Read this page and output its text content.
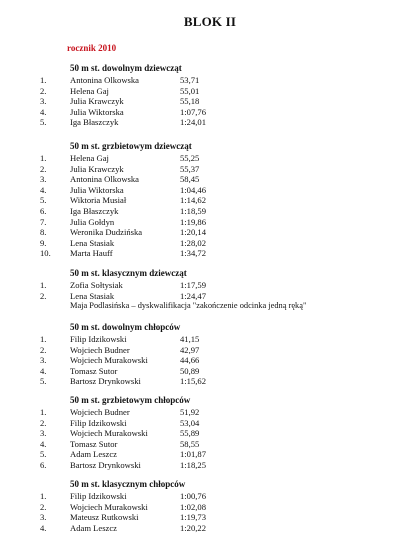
BLOK II
rocznik 2010
50 m st. dowolnym dziewcząt
1.	Antonina Olkowska	53,71
2.	Helena Gaj	55,01
3.	Julia Krawczyk	55,18
4.	Julia Wiktorska	1:07,76
5.	Iga Błaszczyk	1:24,01
50 m st. grzbietowym dziewcząt
1.	Helena Gaj	55,25
2.	Julia Krawczyk	55,37
3.	Antonina Olkowska	58,45
4.	Julia Wiktorska	1:04,46
5.	Wiktoria Musiał	1:14,62
6.	Iga Błaszczyk	1:18,59
7.	Julia Gołdyn	1:19,86
8.	Weronika Dudzińska	1:20,14
9.	Lena Stasiak	1:28,02
10. Marta Hauff	1:34,72
50 m st. klasycznym dziewcząt
1.	Zofia Sołtysiak	1:17,59
2.	Lena Stasiak	1:24,47
Maja Podlasińska – dyskwalifikacja "zakończenie odcinka jedną ręką"
50 m st. dowolnym chłopców
1.	Filip Idzikowski	41,15
2.	Wojciech Budner	42,97
3.	Wojciech Murakowski	44,66
4.	Tomasz Sutor	50,89
5.	Bartosz Drynkowski	1:15,62
50 m st. grzbietowym chłopców
1.	Wojciech Budner	51,92
2.	Filip Idzikowski	53,04
3.	Wojciech Murakowski	55,89
4.	Tomasz Sutor	58,55
5.	Adam Leszcz	1:01,87
6.	Bartosz Drynkowski	1:18,25
50 m st. klasycznym chłopców
1.	Filip Idzikowski	1:00,76
2.	Wojciech Murakowski	1:02,08
3.	Mateusz Rutkowski	1:19,73
4.	Adam Leszcz	1:20,22
